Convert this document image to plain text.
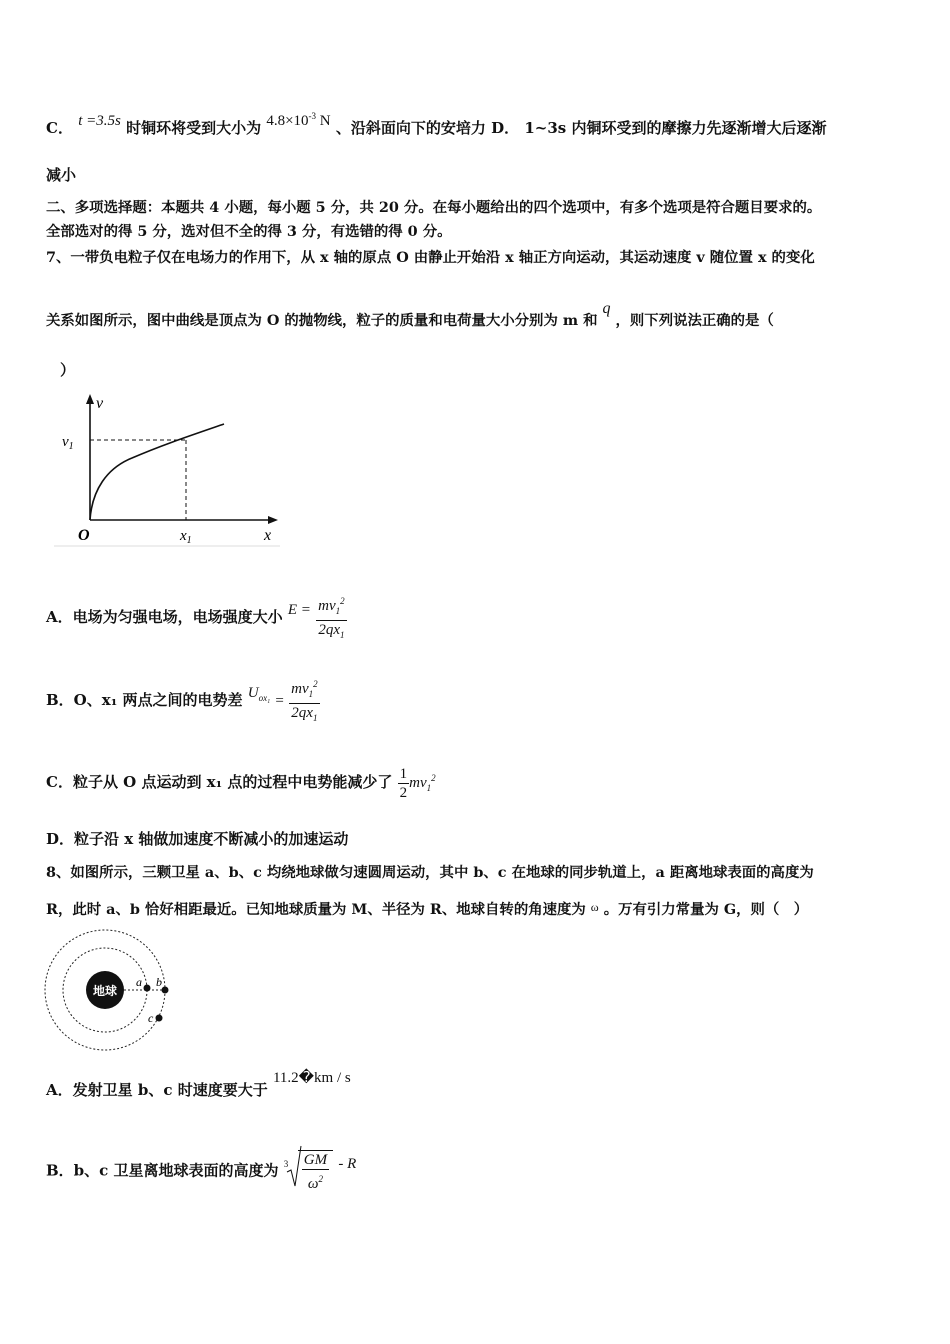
C． t =3.5s 时铜环将受到大小为 $4.8\times 10^{-3}$ N 、沿斜面向下的安培力 D． 1~3s 内铜环受到的摩擦力先逐渐增大后逐渐
减小
二、多项选择题：本题共 4 小题，每小题 5 分，共 20 分。在每小题给出的四个选项中，有多个选项是符合题目要求的。
全部选对的得 5 分，选对但不全的得 3 分，有选错的得 0 分。
7、一带负电粒子仅在电场力的作用下，从 x 轴的原点 O 由静止开始沿 x 轴正方向运动，其运动速度 v 随位置 x 的变化
关系如图所示，图中曲线是顶点为 O 的抛物线，粒子的质量和电荷量大小分别为 m 和 q ，则下列说法正确的是（
）
v
x
O
$v_1$
$x_1$
A．电场为匀强电场，电场强度大小 $E = \frac{mv_1^2}{2qx_1}$
B．O、x₁ 两点之间的电势差 $U_{ox_1} = \frac{mv_1^2}{2qx_1}$
C．粒子从 O 点运动到 x₁ 点的过程中电势能减少了 $\frac{1}{2} mv_1^2$
D．粒子沿 x 轴做加速度不断减小的加速运动
8、如图所示，三颗卫星 a、b、c 均绕地球做匀速圆周运动，其中 b、c 在地球的同步轨道上，a 距离地球表面的高度为
R，此时 a、b 恰好相距最近。已知地球质量为 M、半径为 R、地球自转的角速度为 $^\omega$ 。万有引力常量为 G，则（　）
地球
a b
c
A．发射卫星 b、c 时速度要大于 11.2�km / s
B．b、c 卫星离地球表面的高度为 $3 \frac{GM}{\omega^2}$ - R
